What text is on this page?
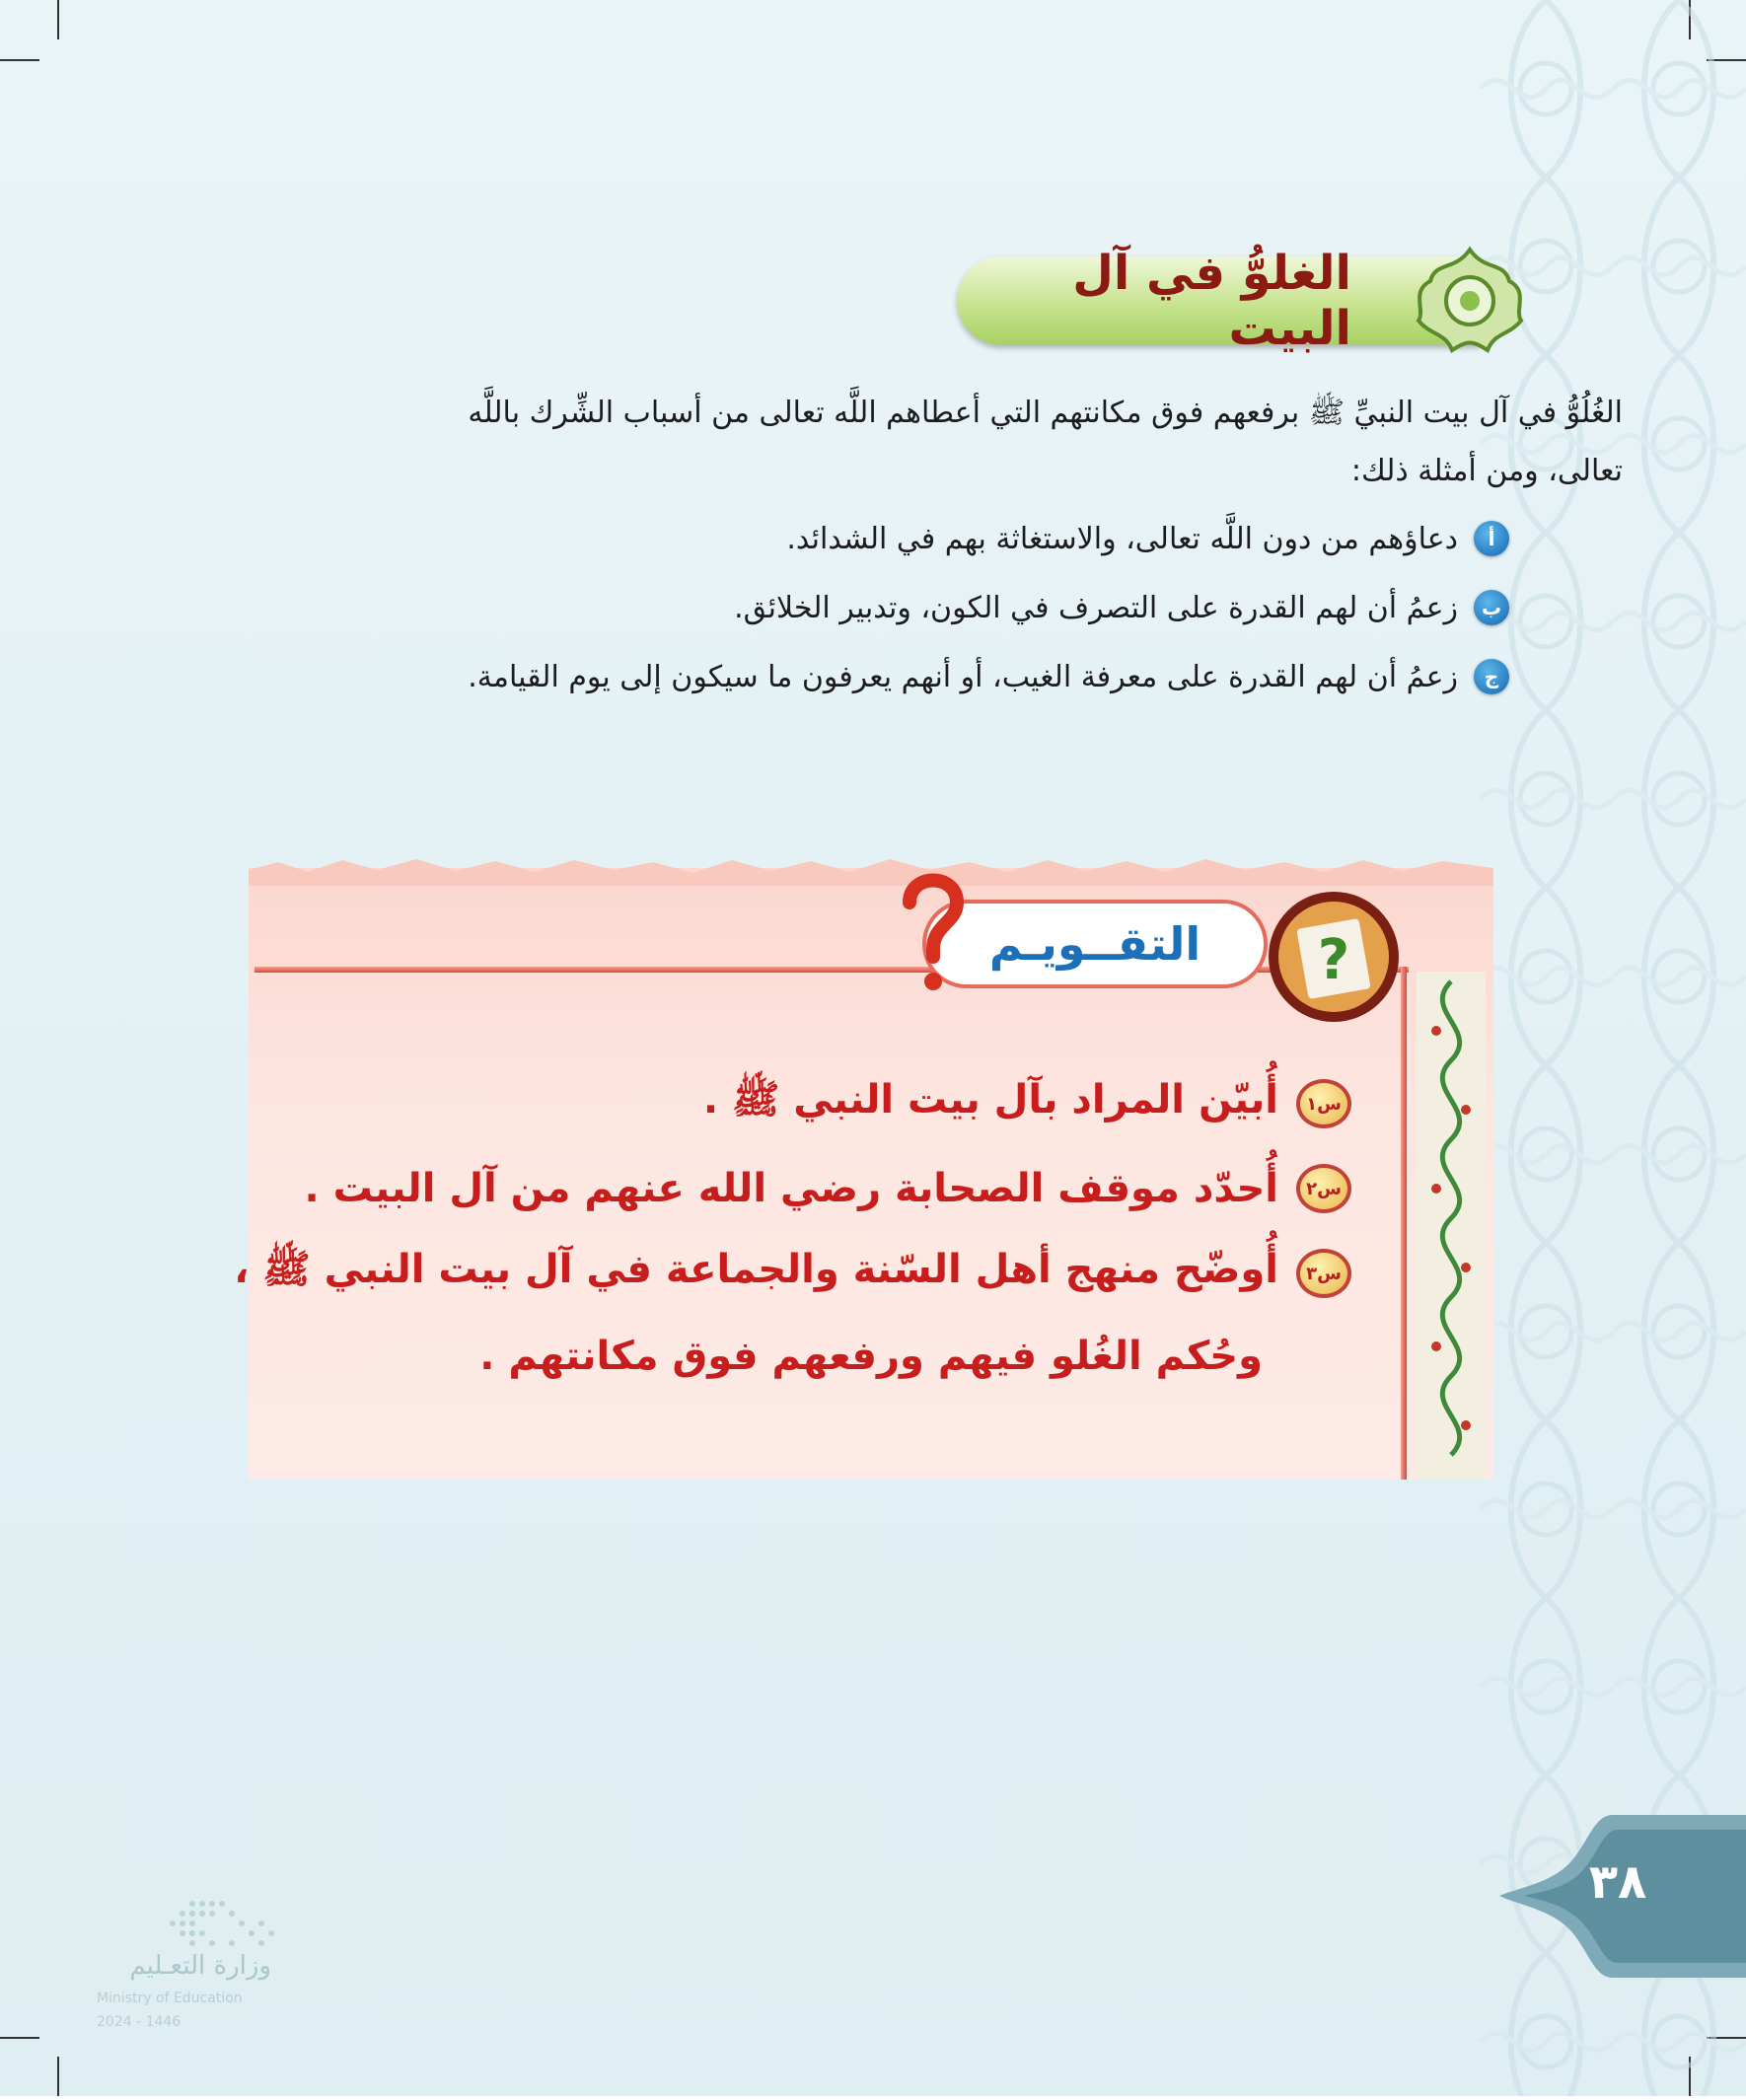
الغلوُّ في آل البيت
الغُلُوُّ في آل بيت النبيِّ ﷺ برفعهم فوق مكانتهم التي أعطاهم اللَّه تعالى من أسباب الشِّرك باللَّه
تعالى، ومن أمثلة ذلك:
أ
دعاؤهم من دون اللَّه تعالى، والاستغاثة بهم في الشدائد.
ب
زعمُ أن لهم القدرة على التصرف في الكون، وتدبير الخلائق.
ج
زعمُ أن لهم القدرة على معرفة الغيب، أو أنهم يعرفون ما سيكون إلى يوم القيامة.
التقــويـم ?
س١
أُبيّن المراد بآل بيت النبي ﷺ .
س٢
أُحدّد موقف الصحابة رضي الله عنهم من آل البيت .
س٣
أُوضّح منهج أهل السّنة والجماعة في آل بيت النبي ﷺ ،
وحُكم الغُلو فيهم ورفعهم فوق مكانتهم .
٣٨
وزارة التعـليم
Ministry of Education
2024 - 1446
